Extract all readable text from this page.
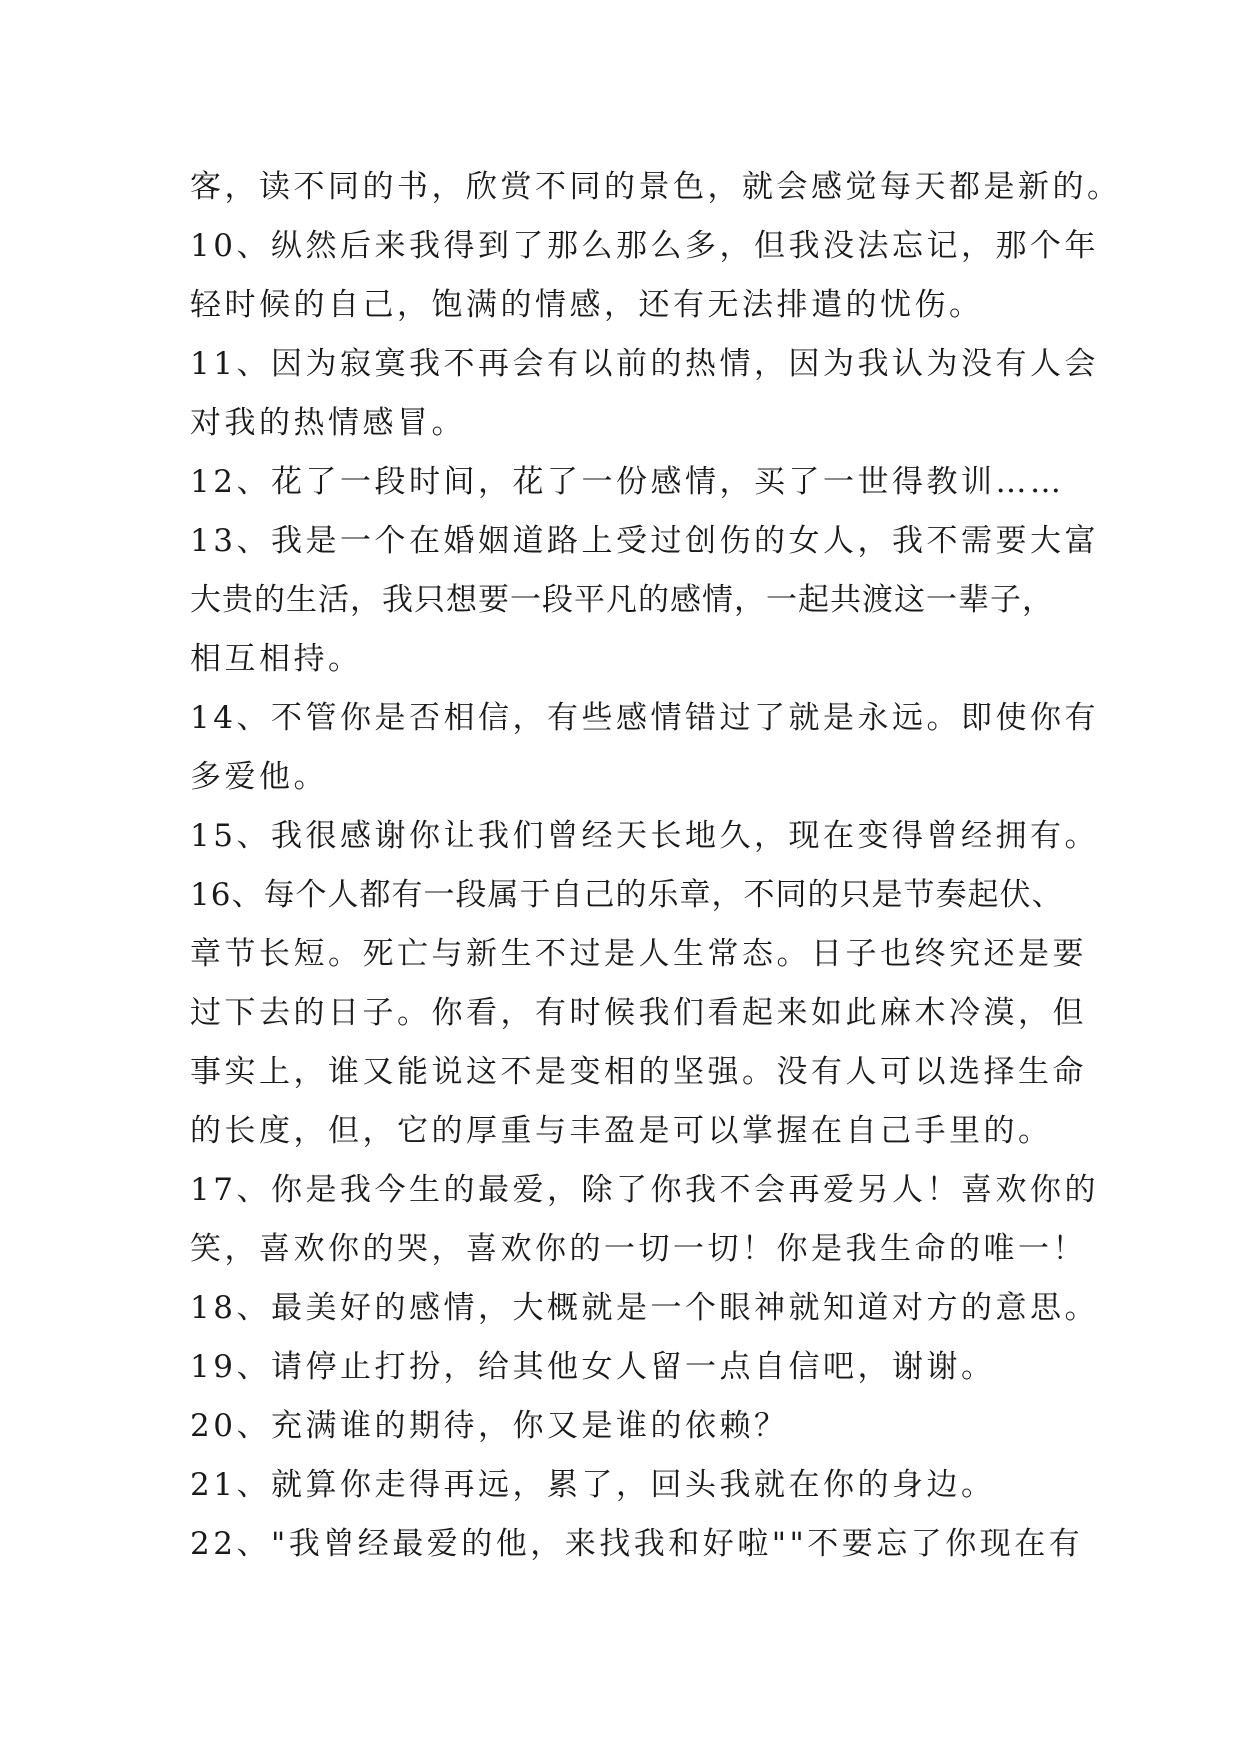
客，读不同的书，欣赏不同的景色，就会感觉每天都是新的。
10、纵然后来我得到了那么那么多，但我没法忘记，那个年
轻时候的自己，饱满的情感，还有无法排遣的忧伤。
11、因为寂寞我不再会有以前的热情，因为我认为没有人会
对我的热情感冒。
12、花了一段时间，花了一份感情，买了一世得教训……
13、我是一个在婚姻道路上受过创伤的女人，我不需要大富
大贵的生活，我只想要一段平凡的感情，一起共渡这一辈子，
相互相持。
14、不管你是否相信，有些感情错过了就是永远。即使你有
多爱他。
15、我很感谢你让我们曾经天长地久，现在变得曾经拥有。
16、每个人都有一段属于自己的乐章，不同的只是节奏起伏、
章节长短。死亡与新生不过是人生常态。日子也终究还是要
过下去的日子。你看，有时候我们看起来如此麻木冷漠，但
事实上，谁又能说这不是变相的坚强。没有人可以选择生命
的长度，但，它的厚重与丰盈是可以掌握在自己手里的。
17、你是我今生的最爱，除了你我不会再爱另人！喜欢你的
笑，喜欢你的哭，喜欢你的一切一切！你是我生命的唯一！
18、最美好的感情，大概就是一个眼神就知道对方的意思。
19、请停止打扮，给其他女人留一点自信吧，谢谢。
20、充满谁的期待，你又是谁的依赖？
21、就算你走得再远，累了，回头我就在你的身边。
22、"我曾经最爱的他，来找我和好啦""不要忘了你现在有
